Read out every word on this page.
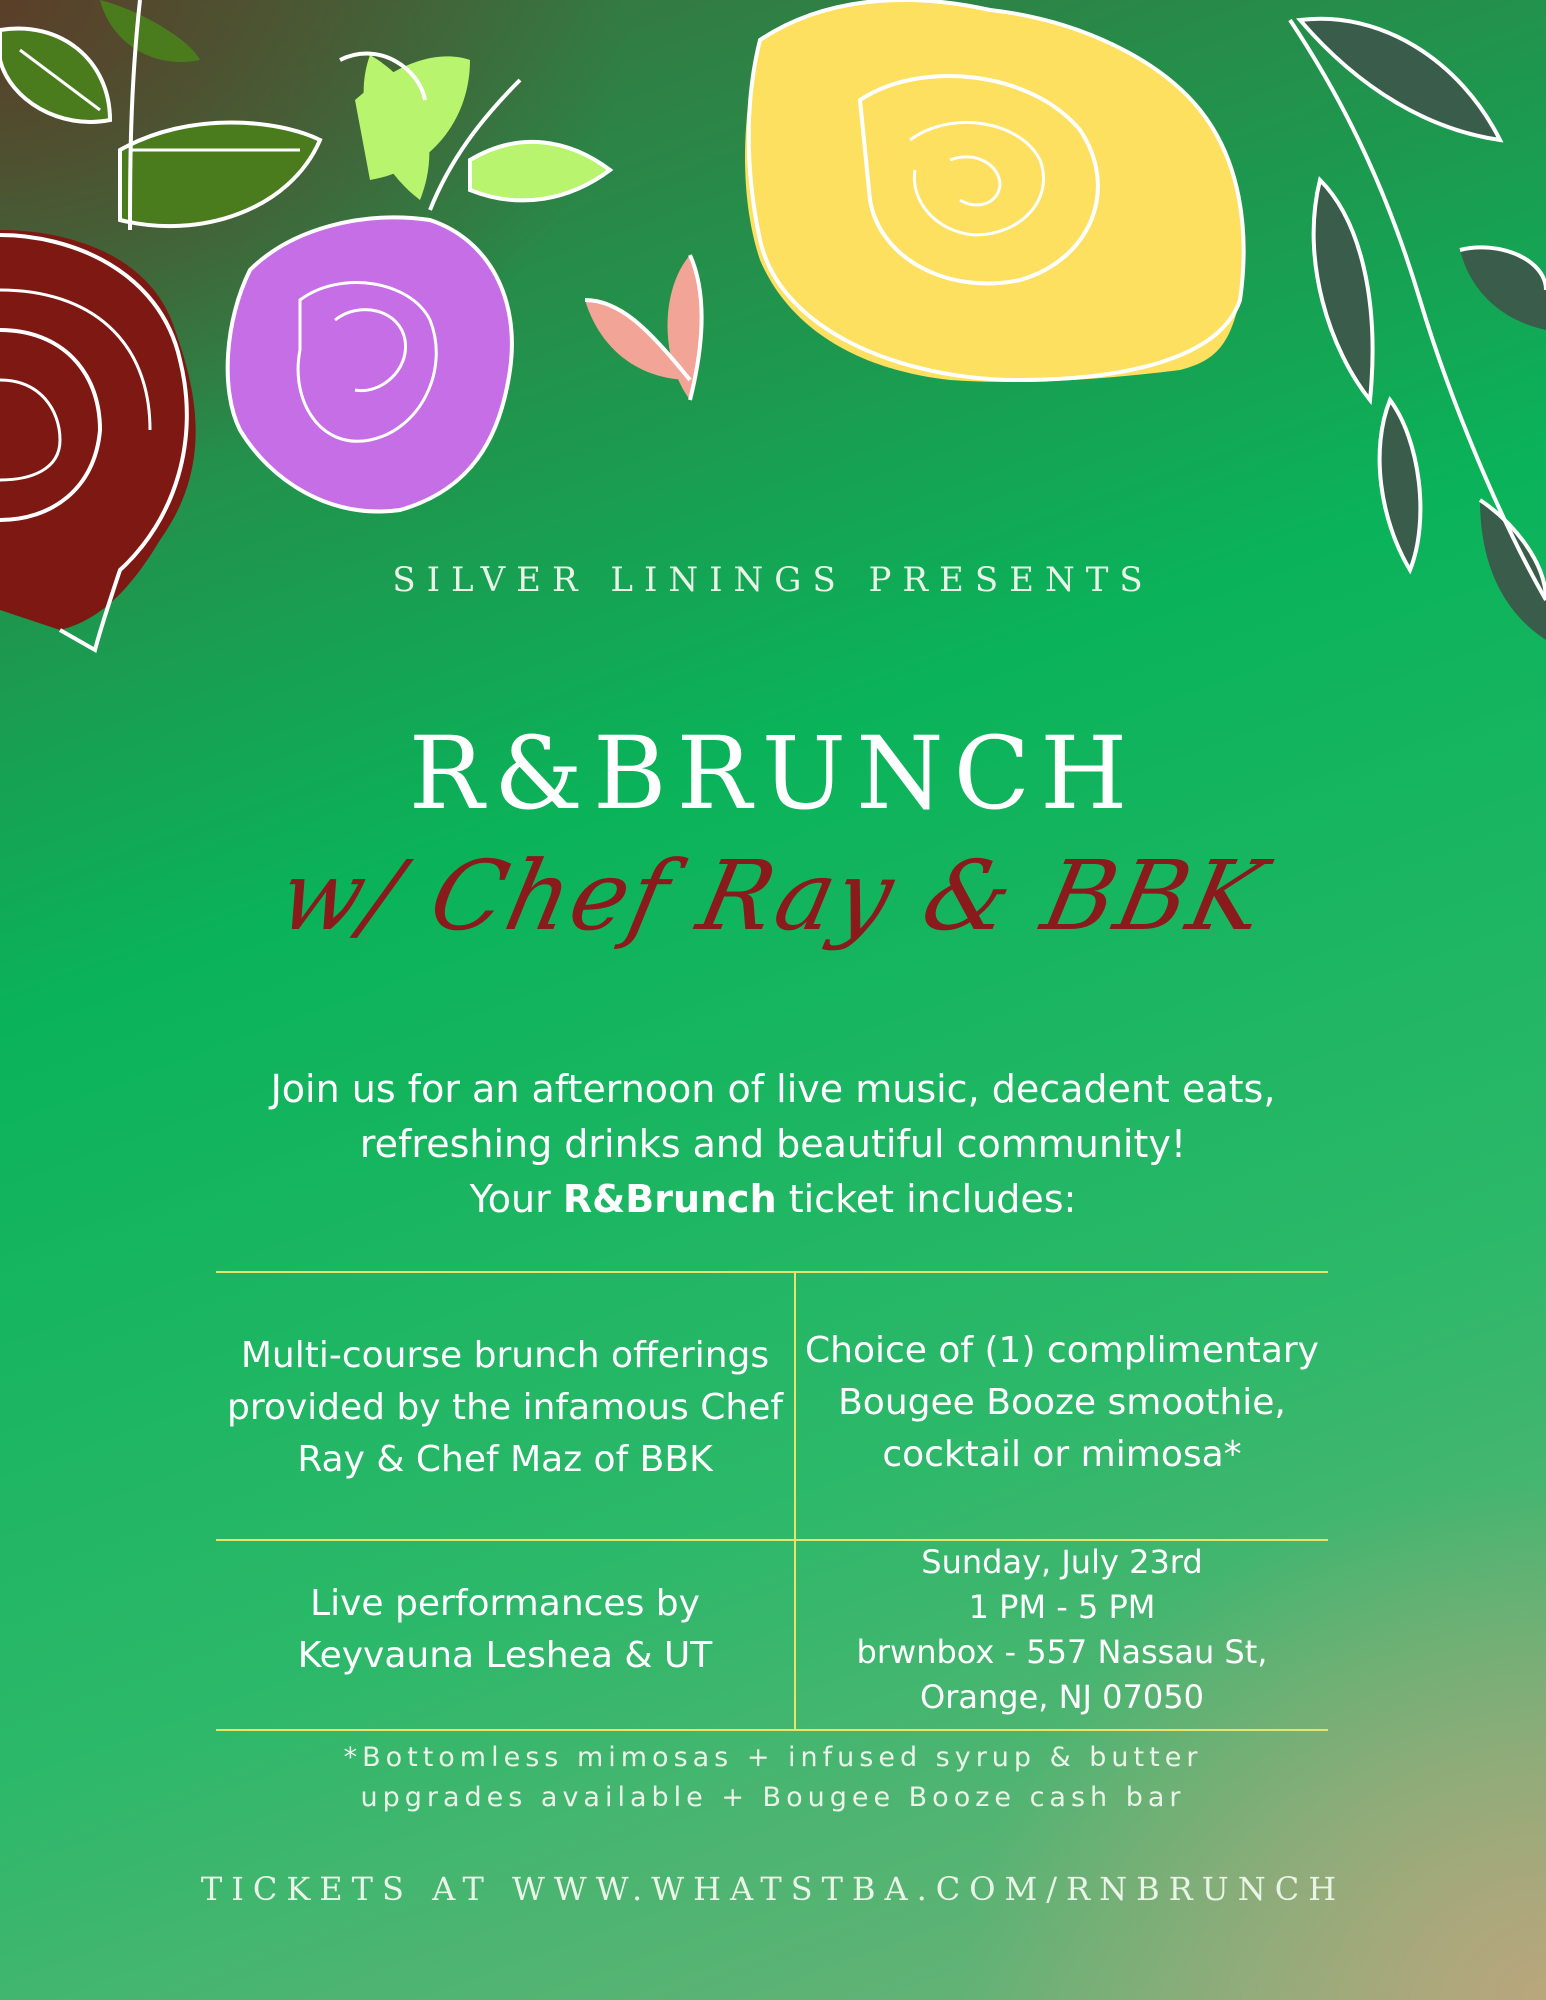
SILVER LININGS PRESENTS
R&BRUNCH
w/ Chef Ray & BBK
Join us for an afternoon of live music, decadent eats,
refreshing drinks and beautiful community!
Your R&Brunch ticket includes:
Multi-course brunch offerings
provided by the infamous Chef
Ray & Chef Maz of BBK
Choice of (1) complimentary
Bougee Booze smoothie,
cocktail or mimosa*
Live performances by
Keyvauna Leshea & UT
Sunday, July 23rd
1 PM - 5 PM
brwnbox - 557 Nassau St,
Orange, NJ 07050
*Bottomless mimosas + infused syrup & butter
upgrades available + Bougee Booze cash bar
TICKETS AT WWW.WHATSTBA.COM/RNBRUNCH
